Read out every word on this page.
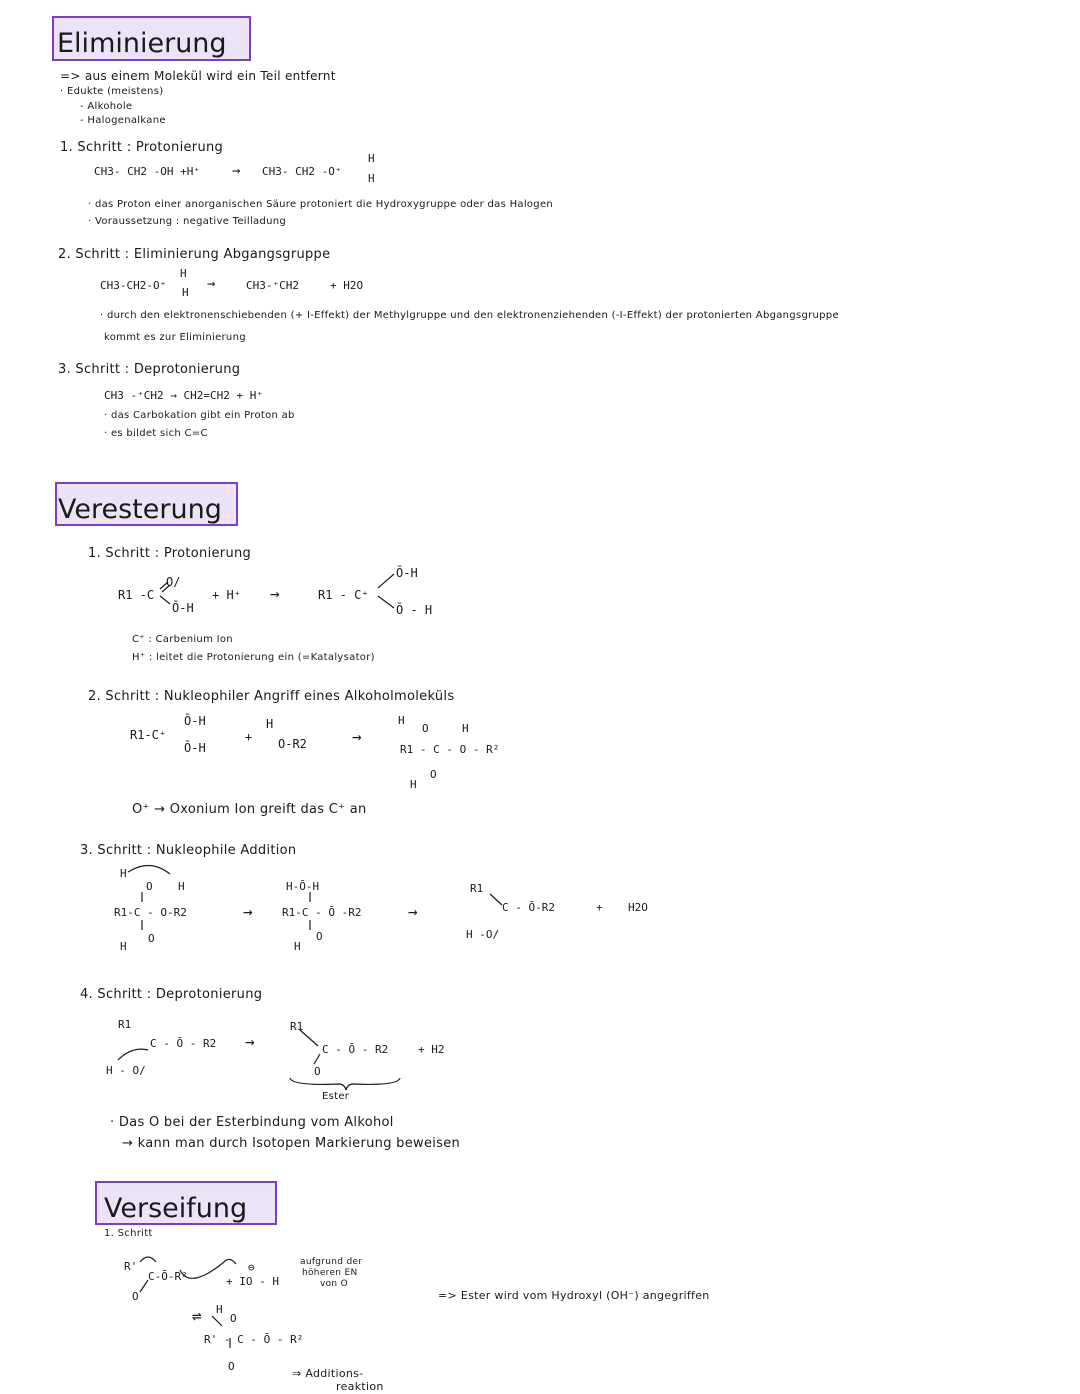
Eliminierung
=> aus einem Molekül wird ein Teil entfernt
· Edukte (meistens)
- Alkohole
- Halogenalkane
1. Schritt : Protonierung
CH3- CH2 -OH +H⁺ → CH3- CH2 -O⁺
H
H
· das Proton einer anorganischen Säure protoniert die Hydroxygruppe oder das Halogen
· Voraussetzung : negative Teilladung
2. Schritt : Eliminierung Abgangsgruppe
CH3-CH2-O⁺
H
H
→	CH3-⁺CH2	+ H2O
· durch den elektronenschiebenden (+ I-Effekt) der Methylgruppe und den elektronenziehenden (-I-Effekt) der protonierten Abgangsgruppe
kommt es zur Eliminierung
3. Schritt : Deprotonierung
CH3 -⁺CH2 → CH2=CH2 + H⁺
· das Carbokation gibt ein Proton ab
· es bildet sich C=C
Veresterung
1. Schritt : Protonierung
R1 -C
O/
Ō-H
+ H⁺ →	R1 - C⁺
Ō-H
Ō - H
C⁺ : Carbenium Ion
H⁺ : leitet die Protonierung ein (=Katalysator)
2. Schritt : Nukleophiler Angriff eines Alkoholmoleküls
R1-C⁺
Ō-H
Ō-H
+
H
O-R2	→
H
O	H
R1 - C - O - R²
O
H
O⁺ → Oxonium Ion greift das C⁺ an
3. Schritt : Nukleophile Addition
H
O H
R1-C - O-R2
O
H
→
H-Ō-H
R1-C - Ō -R2
O
H
→
R1
C - Ō-R2	+ H2O
H -O/
4. Schritt : Deprotonierung
R1
C - Ō - R2
H - O/
→
R1
C - Ō - R2
O
+ H2
Ester
· Das O bei der Esterbindung vom Alkohol
→ kann man durch Isotopen Markierung beweisen
Verseifung
1. Schritt
R'
C-Ō-R²
O
⊖
+ IO - H
aufgrund der
höheren EN
von O
⇌ H
O
R' - C - Ō - R²
O
⇒ Additions-
reaktion
=> Ester wird vom Hydroxyl (OH⁻) angegriffen
